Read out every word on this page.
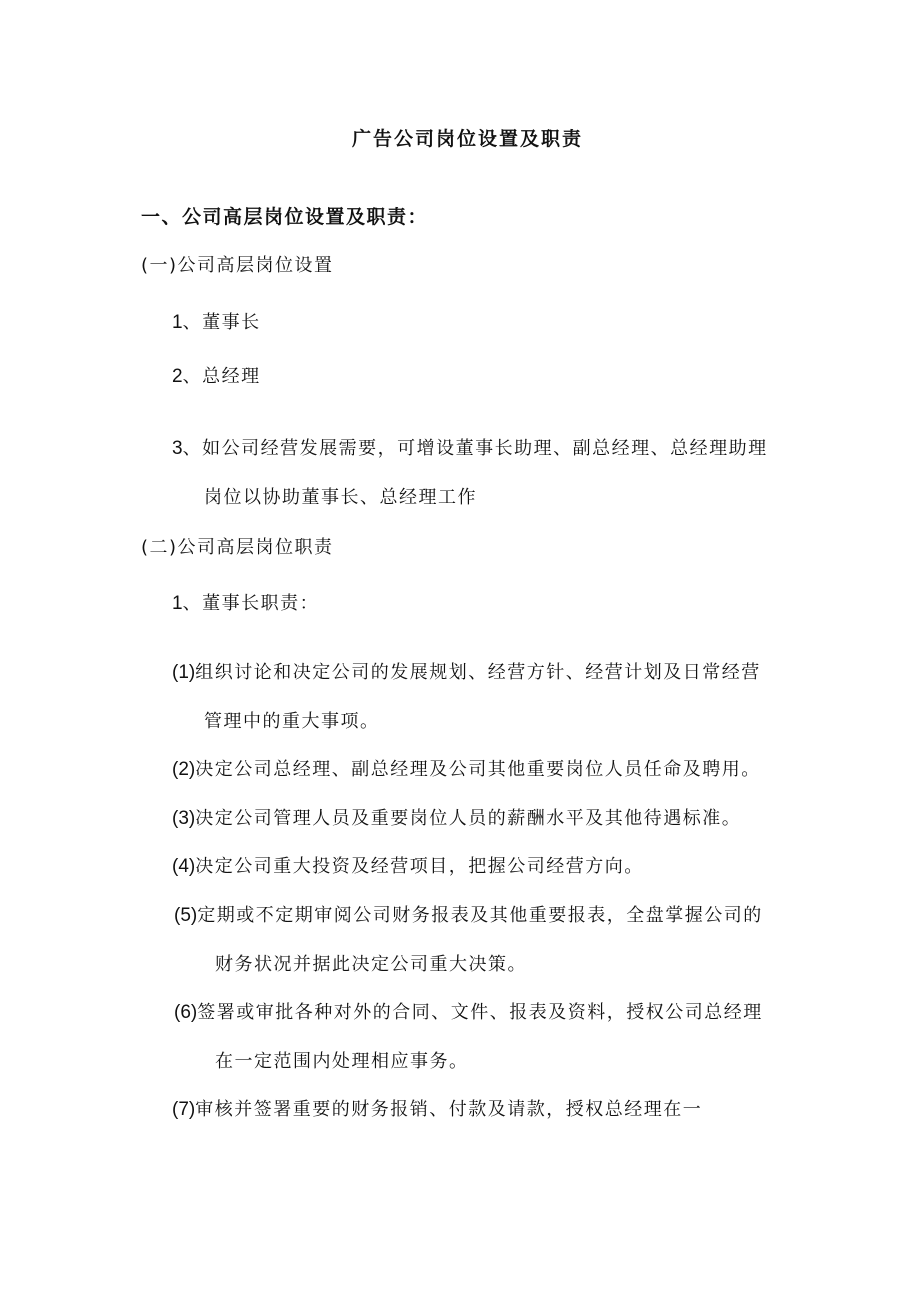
广告公司岗位设置及职责
一、公司高层岗位设置及职责：
(一)公司高层岗位设置
1、董事长
2、总经理
3、如公司经营发展需要，可增设董事长助理、副总经理、总经理助理
岗位以协助董事长、总经理工作
(二)公司高层岗位职责
1、董事长职责：
(1)组织讨论和决定公司的发展规划、经营方针、经营计划及日常经营
管理中的重大事项。
(2)决定公司总经理、副总经理及公司其他重要岗位人员任命及聘用。
(3)决定公司管理人员及重要岗位人员的薪酬水平及其他待遇标准。
(4)决定公司重大投资及经营项目，把握公司经营方向。
(5)定期或不定期审阅公司财务报表及其他重要报表，全盘掌握公司的
财务状况并据此决定公司重大决策。
(6)签署或审批各种对外的合同、文件、报表及资料，授权公司总经理
在一定范围内处理相应事务。
(7)审核并签署重要的财务报销、付款及请款，授权总经理在一
